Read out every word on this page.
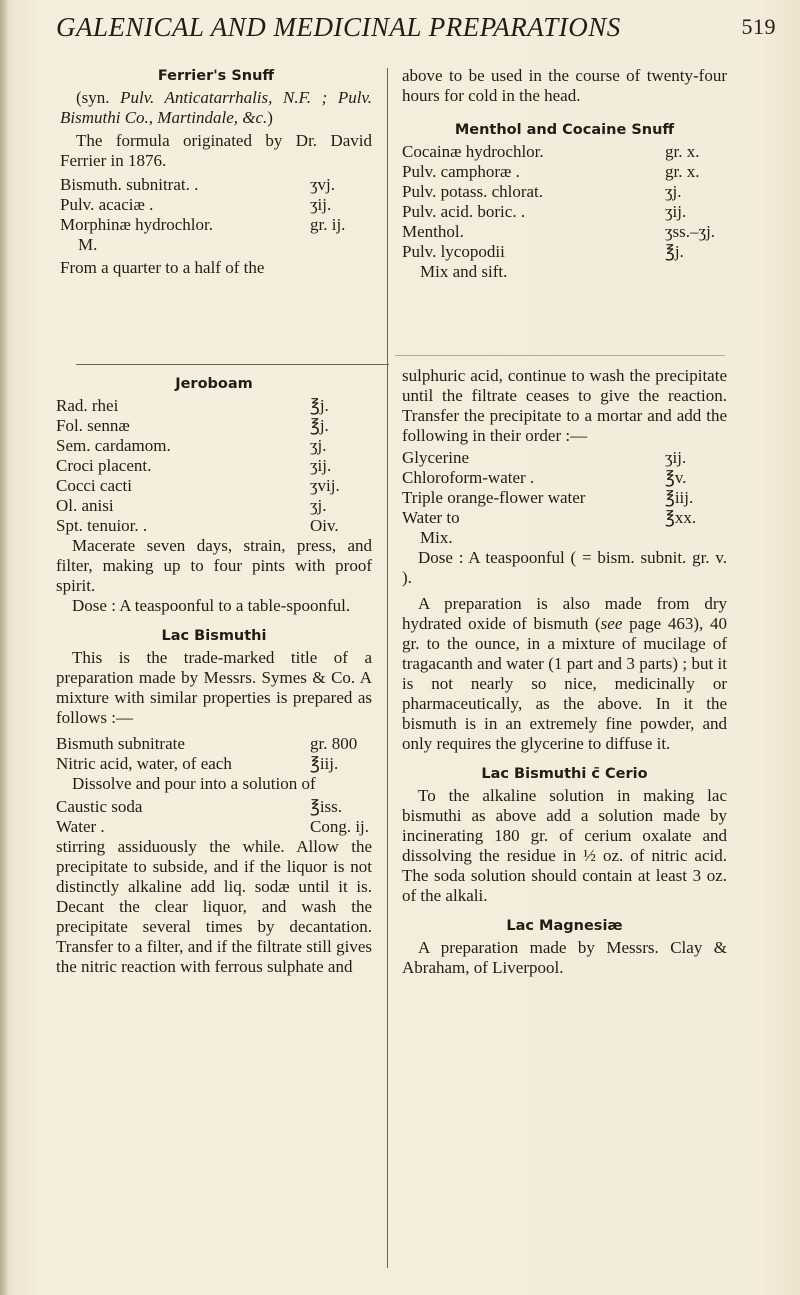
GALENICAL AND MEDICINAL PREPARATIONS	519
Ferrier's Snuff

(syn. Pulv. Anticatarrhalis, N.F. ; Pulv. Bismuthi Co., Martindale, &c.)

The formula originated by Dr. David Ferrier in 1876.

Bismuth. subnitrat. .	ʒvj.
Pulv. acaciæ .	ʒij.
Morphinæ hydrochlor.	gr. ij.
M.

From a quarter to a half of the

above to be used in the course of twenty-four hours for cold in the head.

Menthol and Cocaine Snuff
Cocainæ hydrochlor.	gr. x.
Pulv. camphoræ .	gr. x.
Pulv. potass. chlorat.	ʒj.
Pulv. acid. boric. .	ʒij.
Menthol.	ʒss.–ʒj.
Pulv. lycopodii	℥j.
Mix and sift.
Jeroboam
Rad. rhei	℥j.
Fol. sennæ	℥j.
Sem. cardamom.	ʒj.
Croci placent.	ʒij.
Cocci cacti	ʒvij.
Ol. anisi	ʒj.
Spt. tenuior. .	Oiv.

Macerate seven days, strain, press, and filter, making up to four pints with proof spirit.

Dose : A teaspoonful to a table-spoonful.

Lac Bismuthi

This is the trade-marked title of a preparation made by Messrs. Symes & Co. A mixture with similar properties is prepared as follows :—

Bismuth subnitrate	gr. 800
Nitric acid, water, of each	℥iij.

Dissolve and pour into a solution of

Caustic soda	℥iss.
Water .	Cong. ij.

stirring assiduously the while. Allow the precipitate to subside, and if the liquor is not distinctly alkaline add liq. sodæ until it is. Decant the clear liquor, and wash the precipitate several times by decantation. Transfer to a filter, and if the filtrate still gives the nitric reaction with ferrous sulphate and

sulphuric acid, continue to wash the precipitate until the filtrate ceases to give the reaction. Transfer the precipitate to a mortar and add the following in their order :—

Glycerine	ʒij.
Chloroform-water .	℥v.
Triple orange-flower water	℥iij.
Water to	℥xx.
Mix.

Dose : A teaspoonful ( = bism. subnit. gr. v. ).

A preparation is also made from dry hydrated oxide of bismuth (see page 463), 40 gr. to the ounce, in a mixture of mucilage of tragacanth and water (1 part and 3 parts) ; but it is not nearly so nice, medicinally or pharmaceutically, as the above. In it the bismuth is in an extremely fine powder, and only requires the glycerine to diffuse it.

Lac Bismuthi c̄ Cerio

To the alkaline solution in making lac bismuthi as above add a solution made by incinerating 180 gr. of cerium oxalate and dissolving the residue in ½ oz. of nitric acid. The soda solution should contain at least 3 oz. of the alkali.

Lac Magnesiæ

A preparation made by Messrs. Clay & Abraham, of Liverpool.
